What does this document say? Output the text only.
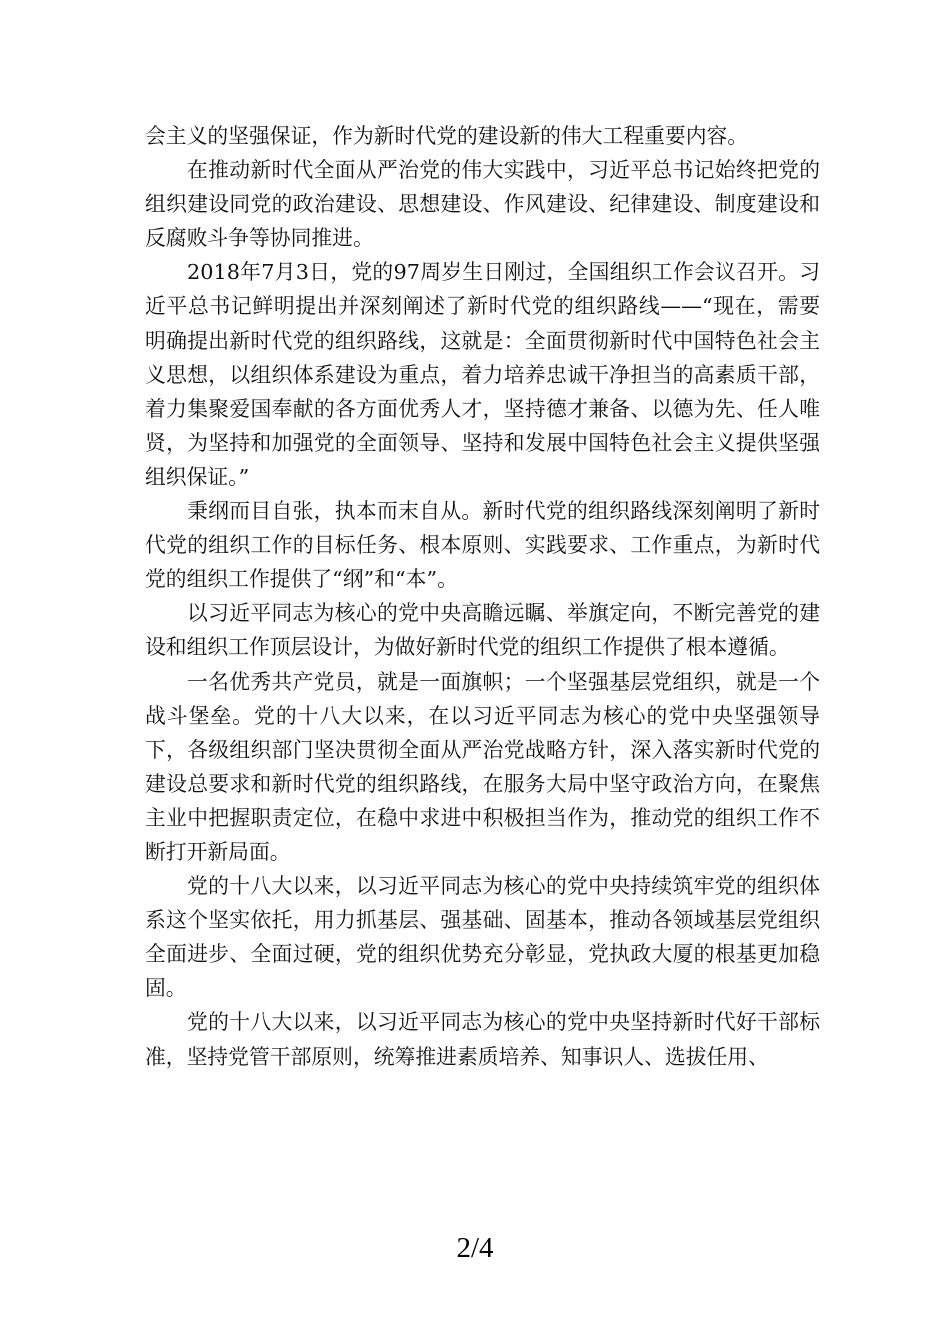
会主义的坚强保证，作为新时代党的建设新的伟大工程重要内容。

在推动新时代全面从严治党的伟大实践中，习近平总书记始终把党的组织建设同党的政治建设、思想建设、作风建设、纪律建设、制度建设和反腐败斗争等协同推进。

2018年7月3日，党的97周岁生日刚过，全国组织工作会议召开。习近平总书记鲜明提出并深刻阐述了新时代党的组织路线——“现在，需要明确提出新时代党的组织路线，这就是：全面贯彻新时代中国特色社会主义思想，以组织体系建设为重点，着力培养忠诚干净担当的高素质干部，着力集聚爱国奉献的各方面优秀人才，坚持德才兼备、以德为先、任人唯贤，为坚持和加强党的全面领导、坚持和发展中国特色社会主义提供坚强组织保证。”

秉纲而目自张，执本而末自从。新时代党的组织路线深刻阐明了新时代党的组织工作的目标任务、根本原则、实践要求、工作重点，为新时代党的组织工作提供了“纲”和“本”。

以习近平同志为核心的党中央高瞻远瞩、举旗定向，不断完善党的建设和组织工作顶层设计，为做好新时代党的组织工作提供了根本遵循。

一名优秀共产党员，就是一面旗帜；一个坚强基层党组织，就是一个战斗堡垒。党的十八大以来，在以习近平同志为核心的党中央坚强领导下，各级组织部门坚决贯彻全面从严治党战略方针，深入落实新时代党的建设总要求和新时代党的组织路线，在服务大局中坚守政治方向，在聚焦主业中把握职责定位，在稳中求进中积极担当作为，推动党的组织工作不断打开新局面。

党的十八大以来，以习近平同志为核心的党中央持续筑牢党的组织体系这个坚实依托，用力抓基层、强基础、固基本，推动各领域基层党组织全面进步、全面过硬，党的组织优势充分彰显，党执政大厦的根基更加稳固。

党的十八大以来，以习近平同志为核心的党中央坚持新时代好干部标准，坚持党管干部原则，统筹推进素质培养、知事识人、选拔任用、

2/4
